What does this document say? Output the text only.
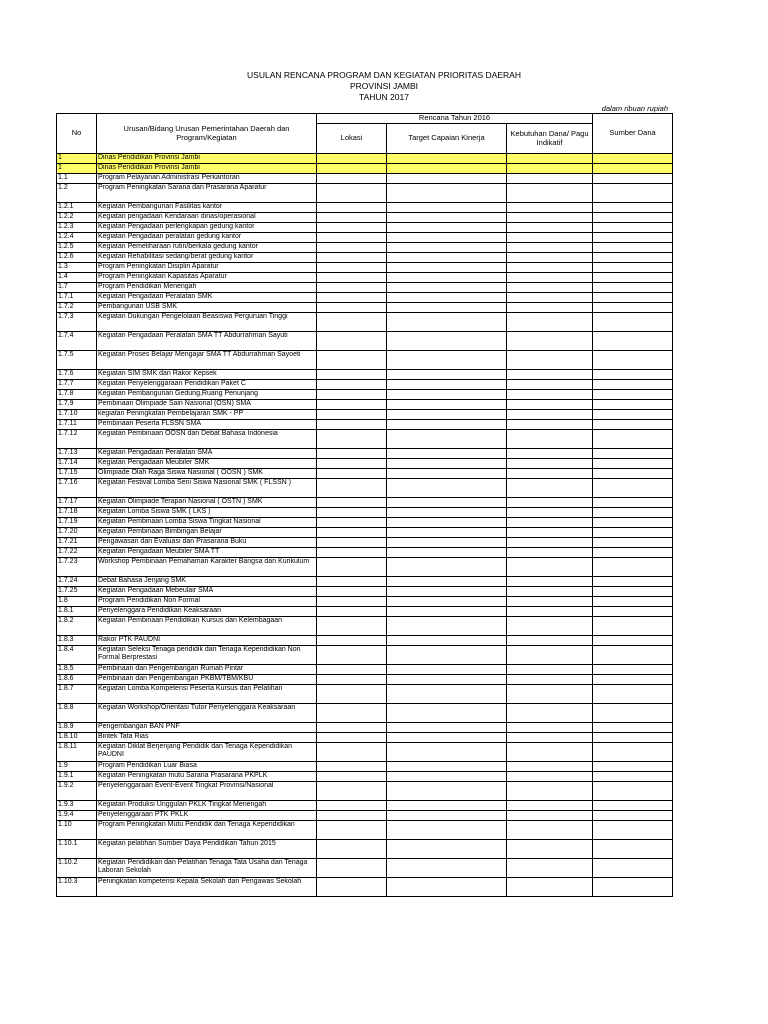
USULAN RENCANA PROGRAM DAN KEGIATAN PRIORITAS DAERAH
PROVINSI JAMBI
TAHUN 2017
dalam ribuan rupiah
No	Urusan/Bidang Urusan Pemerintahan Daerah dan Program/Kegiatan	Rencana Tahun 2016			Sumber Dana
		Lokasi	Target Capaian Kinerja	Kebutuhan Dana/ Pagu Indikatif	
1	Dinas Pendidikan Provinsi Jambi				
1	Dinas Pendidikan Provinsi Jambi				
1.1	Program Pelayanan Administrasi Perkantoran				
1.2	Program Peningkatan Sarana dan Prasarana Aparatur				
1.2.1	Kegiatan Pembangunan Fasilitas kantor				
1.2.2	Kegiatan pengadaan Kendaraan dinas/operasional				
1.2.3	Kegiatan Pengadaan perlengkapan gedung kantor				
1.2.4	Kegiatan Pengadaan peralatan gedung kantor				
1.2.5	Kegiatan Pemeliharaan rutin/berkala gedung kantor				
1.2.6	Kegiatan Rehabilitasi sedang/berat gedung kantor				
1.3	Program Peningkatan Disiplin Aparatur				
1.4	Program Peningkatan Kapasitas Aparatur				
1.7	Program Pendidikan Menengah				
1.7.1	Kegiatan Pengadaan Peralatan SMK				
1.7.2	Pembangunan USB SMK				
1.7.3	Kegiatan Dukungan Pengelolaan Beasiswa Perguruan Tinggi				
1.7.4	Kegiatan Pengadaan Peralatan SMA TT Abdurrahman Sayuti				
1.7.5	Kegiatan Proses Belajar Mengajar SMA TT Abdurrahman Sayoeti				
1.7.6	Kegiatan SIM SMK dan Rakor Kepsek				
1.7.7	Kegiatan Penyelenggaraan Pendidikan Paket C				
1.7.8	Kegiatan Pembangunan Gedung,Ruang Penunjang				
1.7.9	Pembinaan Olimpiade Sain Nasional (OSN) SMA				
1.7.10	kegiatan Peningkatan Pembelajaran SMK - PP				
1.7.11	Pembinaan Peserta FLSSN SMA				
1.7.12	Kegiatan Pembinaan OOSN dan Debat Bahasa Indonesia				
1.7.13	Kegiatan Pengadaan Peralatan SMA				
1.7.14	Kegiatan Pengadaan Meubiler SMK				
1.7.15	Olimpiade Olah Raga Siswa Nasional ( OOSN ) SMK				
1.7.16	Kegiatan Festival Lomba Seni Siswa Nasional SMK ( FLSSN )				
1.7.17	Kegiatan Olimpiade Terapan Nasional ( OSTN ) SMK				
1.7.18	Kegiatan Lomba Siswa SMK ( LKS )				
1.7.19	Kegiatan Pembinaan Lomba Siswa Tingkat Nasional				
1.7.20	Kegiatan Pembinaan Bimbingan Belajar				
1.7.21	Pengawasan dan Evaluasi dan Prasarana Buku				
1.7.22	Kegiatan Pengadaan Meubiler SMA TT				
1.7.23	Workshop Pembinaan Pemahaman Karakter Bangsa dan Kurikulum				
1.7.24	Debat Bahasa Jenjang SMK				
1.7.25	Kegiatan Pengadaan Mebeulair SMA				
1.8	Program Pendidikan Non Formal				
1.8.1	Penyelenggara Pendidikan Keaksaraan				
1.8.2	Kegiatan Pembinaan Pendidikan Kursus dan Kelembagaan				
1.8.3	Rakor PTK PAUDNI				
1.8.4	Kegiatan Seleksi Tenaga pendidik dan Tenaga Kependidikan Non Formal Berprestasi				
1.8.5	Pembinaan dan Pengembangan Rumah Pintar				
1.8.6	Pembinaan dan Pengembangan PKBM/TBM/KBU				
1.8.7	Kegiatan Lomba Kompetensi Peserta Kursus dan Pelatihan				
1.8.8	Kegiatan Workshop/Orientasi Tutor Penyelenggara Keaksaraan				
1.8.9	Pengembangan BAN PNF				
1.8.10	Bintek Tata Rias				
1.8.11	Kegiatan Diklat Berjenjang Pendidik dan Tenaga Kependidikan PAUDNI				
1.9	Program Pendidikan Luar Biasa				
1.9.1	Kegiatan Peningkatan mutu Sarana Prasarana PKPLK				
1.9.2	Penyelenggaraan Event-Event Tingkat Provinsi/Nasional				
1.9.3	Kegiatan Produksi Unggulan PKLK Tingkat Menengah				
1.9.4	Penyelenggaraan PTK PKLK				
1.10	Program Peningkatan Mutu Pendidik dan Tenaga Kependidikan				
1.10.1	Kegiatan pelatihan Sumber Daya Pendidikan Tahun 2015				
1.10.2	Kegiatan Pendidikan dan Pelatihan Tenaga Tata Usaha dan Tenaga Laboran Sekolah				
1.10.3	Peningkatan kompetensi Kepala Sekolah dan Pengawas Sekolah				
